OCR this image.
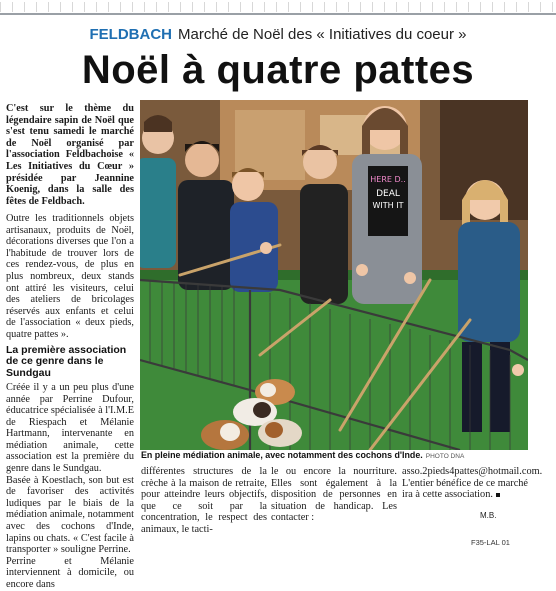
FELDBACH Marché de Noël des « Initiatives du coeur »
Noël à quatre pattes

C'est sur le thème du légendaire sapin de Noël que s'est tenu samedi le marché de Noël organisé par l'association Feldbachoise « Les Initiatives du Cœur » présidée par Jeannine Koenig, dans la salle des fêtes de Feldbach.

Outre les traditionnels objets artisanaux, produits de Noël, décorations diverses que l'on a l'habitude de trouver lors de ces rendez-vous, de plus en plus nombreux, deux stands ont attiré les visiteurs, celui des ateliers de bricolages réservés aux enfants et celui de l'association « deux pieds, quatre pattes ».

La première association de ce genre dans le Sundgau

Créée il y a un peu plus d'une année par Perrine Dufour, éducatrice spécialisée à l'I.M.E de Riespach et Mélanie Hartmann, intervenante en médiation animale, cette association est la première du genre dans le Sundgau.

Basée à Koestlach, son but est de favoriser des activités ludiques par le biais de la médiation animale, notamment avec des cochons d'Inde, lapins ou chats. « C'est facile à transporter » souligne Perrine.

Perrine et Mélanie interviennent à domicile, ou encore dans

HERE D..
DEAL
WITH IT
En pleine médiation animale, avec notamment des cochons d'Inde. PHOTO DNA

différentes structures de la crèche à la maison de retraite, pour atteindre leurs objectifs, que ce soit par la concentration, le respect des animaux, le tacti-

le ou encore la nourriture. Elles sont également à la disposition de personnes en situation de handicap. Les contacter :

asso.2pieds4pattes@hotmail.com. L'entier bénéfice de ce marché ira à cette association.

M.B.
F35-LAL 01
